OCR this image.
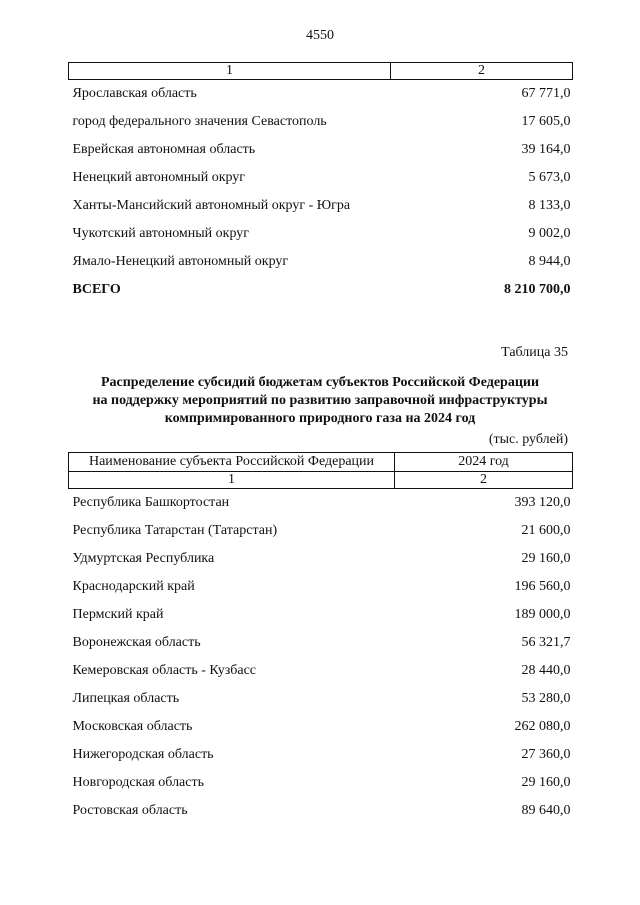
4550
1	2
Ярославская область	67 771,0
город федерального значения Севастополь	17 605,0
Еврейская автономная область	39 164,0
Ненецкий автономный округ	5 673,0
Ханты-Мансийский автономный округ - Югра	8 133,0
Чукотский автономный округ	9 002,0
Ямало-Ненецкий автономный округ	8 944,0
ВСЕГО	8 210 700,0
Таблица 35
Распределение субсидий бюджетам субъектов Российской Федерации
на поддержку мероприятий по развитию заправочной инфраструктуры
компримированного природного газа на 2024 год
(тыс. рублей)
Наименование субъекта Российской Федерации	2024 год
1	2
Республика Башкортостан	393 120,0
Республика Татарстан (Татарстан)	21 600,0
Удмуртская Республика	29 160,0
Краснодарский край	196 560,0
Пермский край	189 000,0
Воронежская область	56 321,7
Кемеровская область - Кузбасс	28 440,0
Липецкая область	53 280,0
Московская область	262 080,0
Нижегородская область	27 360,0
Новгородская область	29 160,0
Ростовская область	89 640,0
